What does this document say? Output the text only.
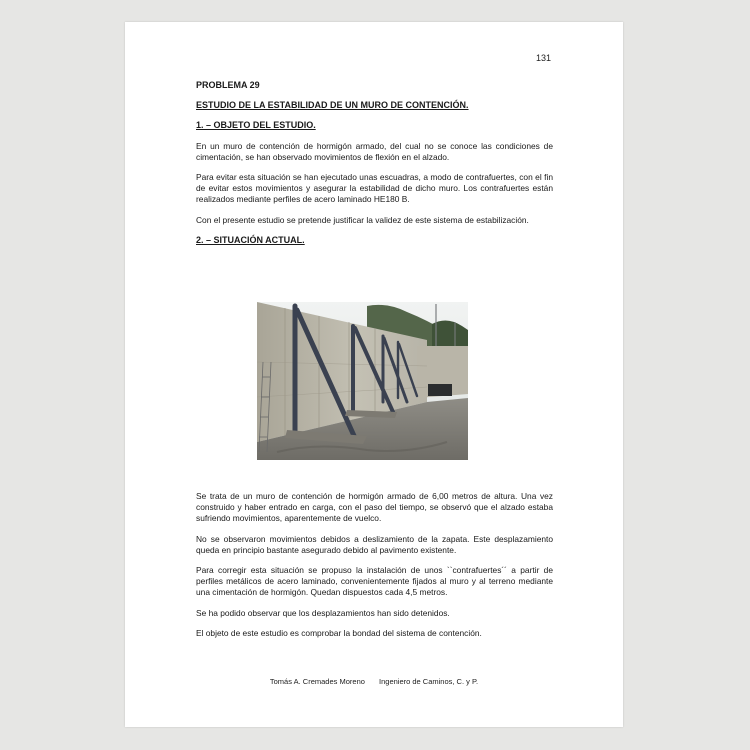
131
PROBLEMA 29
ESTUDIO DE LA ESTABILIDAD DE UN MURO DE CONTENCIÓN.
1. – OBJETO DEL ESTUDIO.

En un muro de contención de hormigón armado, del cual no se conoce las condiciones de cimentación, se han observado movimientos de flexión en el alzado.

Para evitar esta situación se han ejecutado unas escuadras, a modo de contrafuertes, con el fin de evitar estos movimientos y asegurar la estabilidad de dicho muro. Los contrafuertes están realizados mediante perfiles de acero laminado HE180 B.

Con el presente estudio se pretende justificar la validez de este sistema de estabilización.

2. – SITUACIÓN ACTUAL.

Se trata de un muro de contención de hormigón armado de 6,00 metros de altura. Una vez construido y haber entrado en carga, con el paso del tiempo, se observó que el alzado estaba sufriendo movimientos, aparentemente de vuelco.

No se observaron movimientos debidos a deslizamiento de la zapata. Este desplazamiento queda en principio bastante asegurado debido al pavimento existente.

Para corregir esta situación se propuso la instalación de unos ``contrafuertes´´ a partir de perfiles metálicos de acero laminado, convenientemente fijados al muro y al terreno mediante una cimentación de hormigón. Quedan dispuestos cada 4,5 metros.

Se ha podido observar que los desplazamientos han sido detenidos.

El objeto de este estudio es comprobar la bondad del sistema de contención.

Tomás A. Cremades Moreno Ingeniero de Caminos, C. y P.
